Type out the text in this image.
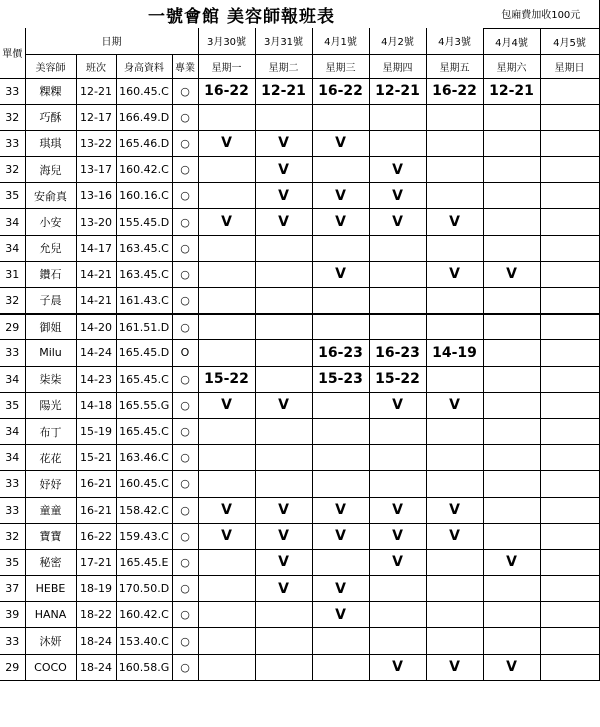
一號會館 美容師報班表										包廂費加收100元	
單價	日期				3月30號	3月31號	4月1號	4月2號	4月3號	4月4號	4月5號
	美容師	班次	身高資料	專業	星期一	星期二	星期三	星期四	星期五	星期六	星期日
33	粿粿	12-21	160.45.C	○	16-22	12-21	16-22	12-21	16-22	12-21	
32	巧酥	12-17	166.49.D	○							
33	琪琪	13-22	165.46.D	○	V	V	V				
32	海兒	13-17	160.42.C	○		V		V			
35	安俞真	13-16	160.16.C	○		V	V	V			
34	小安	13-20	155.45.D	○	V	V	V	V	V		
34	允兒	14-17	163.45.C	○							
31	鑽石	14-21	163.45.C	○			V		V	V	
32	子晨	14-21	161.43.C	○							
29	御姐	14-20	161.51.D	○							
33	Milu	14-24	165.45.D	O			16-23	16-23	14-19		
34	柒柒	14-23	165.45.C	○	15-22		15-23	15-22			
35	陽光	14-18	165.55.G	○	V	V		V	V		
34	布丁	15-19	165.45.C	○							
34	花花	15-21	163.46.C	○							
33	妤妤	16-21	160.45.C	○							
33	童童	16-21	158.42.C	○	V	V	V	V	V		
32	寶寶	16-22	159.43.C	○	V	V	V	V	V		
35	秘密	17-21	165.45.E	○		V		V		V	
37	HEBE	18-19	170.50.D	○		V	V				
39	HANA	18-22	160.42.C	○			V				
33	沐妍	18-24	153.40.C	○							
29	COCO	18-24	160.58.G	○				V	V	V	
